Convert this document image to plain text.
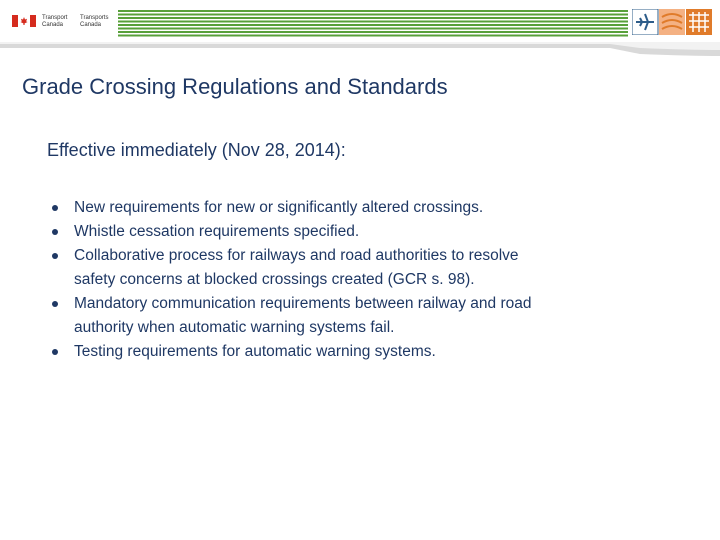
Transport
Canada
Transports
Canada
Grade Crossing Regulations and Standards
Effective immediately (Nov 28, 2014):
New requirements for new or significantly altered crossings.
Whistle cessation requirements specified.
Collaborative process for railways and road authorities to resolve safety concerns at blocked crossings created (GCR s. 98).
Mandatory communication requirements between railway and road authority when automatic warning systems fail.
Testing requirements for automatic warning systems.
